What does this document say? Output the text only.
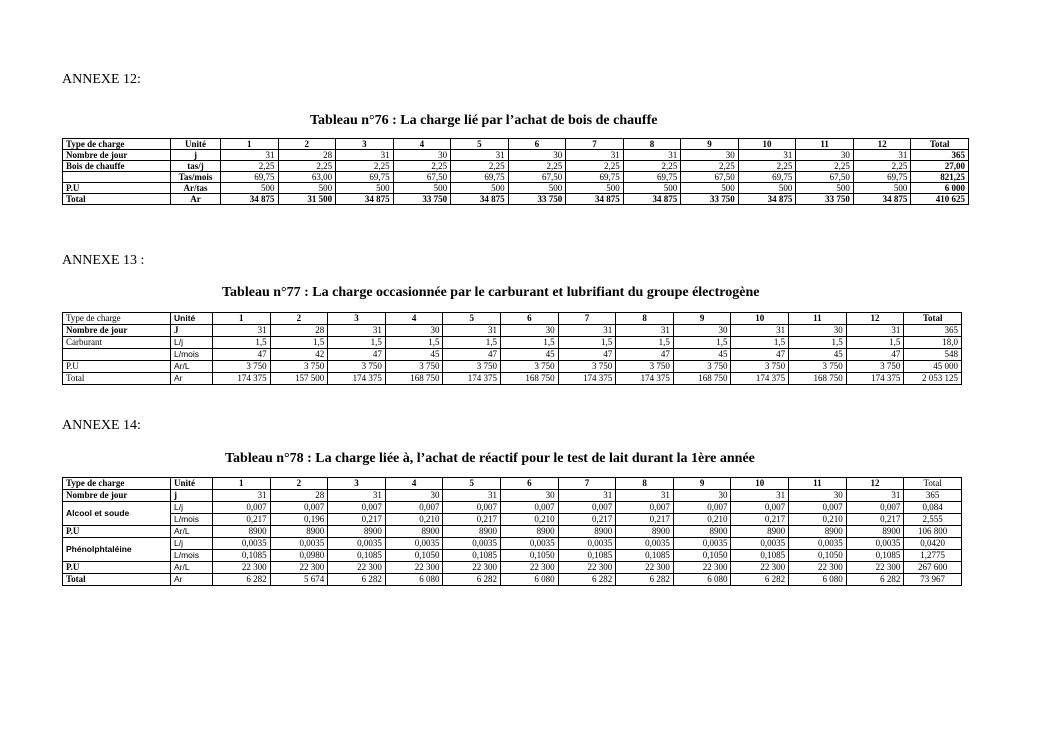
ANNEXE 12:
Tableau n°76 : La charge lié par l’achat de bois de chauffe
Type de charge	Unité	1	2	3	4	5	6	7	8	9	10	11	12	Total
Nombre de jour	j	31	28	31	30	31	30	31	31	30	31	30	31	365
Bois de chauffe	tas/j	2,25	2,25	2,25	2,25	2,25	2,25	2,25	2,25	2,25	2,25	2,25	2,25	27,00
	Tas/mois	69,75	63,00	69,75	67,50	69,75	67,50	69,75	69,75	67,50	69,75	67,50	69,75	821,25
P.U	Ar/tas	500	500	500	500	500	500	500	500	500	500	500	500	6 000
Total	Ar	34 875	31 500	34 875	33 750	34 875	33 750	34 875	34 875	33 750	34 875	33 750	34 875	410 625
ANNEXE 13 :
Tableau n°77 : La charge occasionnée par le carburant et lubrifiant du groupe électrogène
Type de charge	Unité	1	2	3	4	5	6	7	8	9	10	11	12	Total
Nombre de jour	J	31	28	31	30	31	30	31	31	30	31	30	31	365
Carburant	L/j	1,5	1,5	1,5	1,5	1,5	1,5	1,5	1,5	1,5	1,5	1,5	1,5	18,0
	L/mois	47	42	47	45	47	45	47	47	45	47	45	47	548
P.U	Ar/L	3 750	3 750	3 750	3 750	3 750	3 750	3 750	3 750	3 750	3 750	3 750	3 750	45 000
Total	Ar	174 375	157 500	174 375	168 750	174 375	168 750	174 375	174 375	168 750	174 375	168 750	174 375	2 053 125
ANNEXE 14:
Tableau n°78 : La charge liée à, l’achat de réactif pour le test de lait durant la 1ère année
Type de charge	Unité	1	2	3	4	5	6	7	8	9	10	11	12	Total
Nombre de jour	j	31	28	31	30	31	30	31	31	30	31	30	31	365
Alcool et soude	L/j	0,007	0,007	0,007	0,007	0,007	0,007	0,007	0,007	0,007	0,007	0,007	0,007	0,084
	L/mois	0,217	0,196	0,217	0,210	0,217	0,210	0,217	0,217	0,210	0,217	0,210	0,217	2,555
P.U	Ar/L	8900	8900	8900	8900	8900	8900	8900	8900	8900	8900	8900	8900	106 800
Phénolphtaléine	L/j	0,0035	0,0035	0,0035	0,0035	0,0035	0,0035	0,0035	0,0035	0,0035	0,0035	0,0035	0,0035	0,0420
	L/mois	0,1085	0,0980	0,1085	0,1050	0,1085	0,1050	0,1085	0,1085	0,1050	0,1085	0,1050	0,1085	1,2775
P.U	Ar/L	22 300	22 300	22 300	22 300	22 300	22 300	22 300	22 300	22 300	22 300	22 300	22 300	267 600
Total	Ar	6 282	5 674	6 282	6 080	6 282	6 080	6 282	6 282	6 080	6 282	6 080	6 282	73 967
